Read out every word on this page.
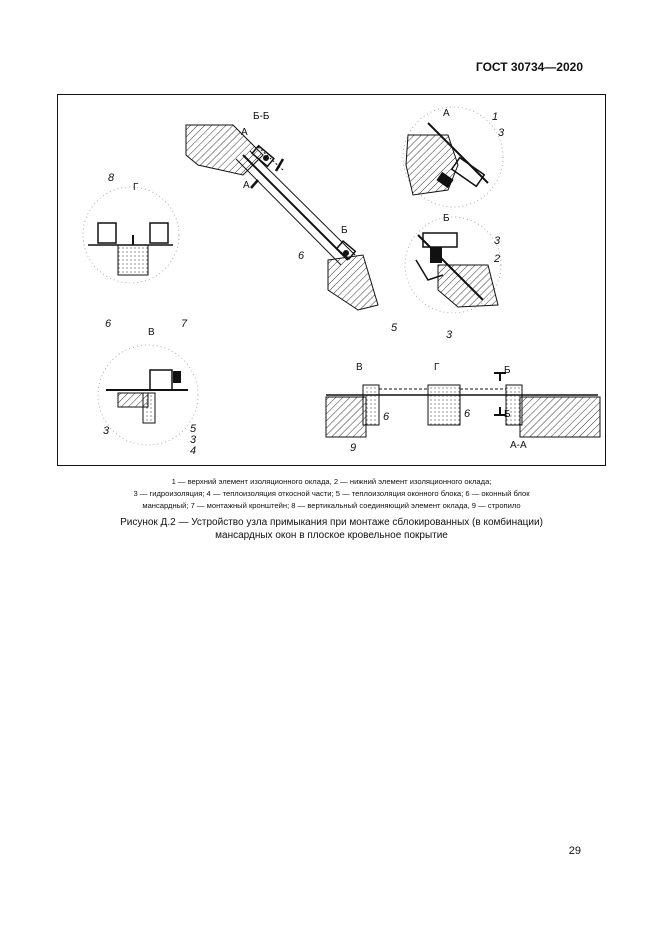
ГОСТ 30734—2020
Б-Б
А
А
Б
А
Б
Г
В
В	Г	Б
Б
А-А
1
3
3
2
3
8
6
5
6	7
3	5
3
4
6	6
9
1 — верхний элемент изоляционного оклада, 2 — нижний элемент изоляционного оклада;
3 — гидроизоляция; 4 — теплоизоляция откосной части; 5 — теплоизоляция оконного блока; 6 — оконный блок
мансардный; 7 — монтажный кронштейн; 8 — вертикальный соединяющий элемент оклада, 9 — стропило
Рисунок Д.2 — Устройство узла примыкания при монтаже сблокированных (в комбинации)
мансардных окон в плоское кровельное покрытие
29
